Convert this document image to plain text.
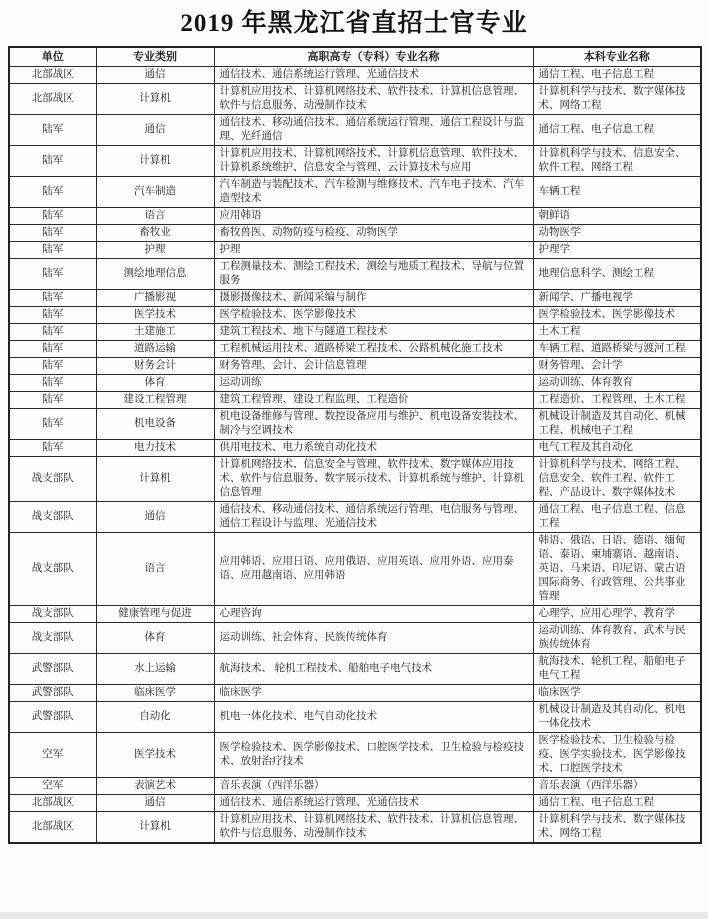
2019 年黑龙江省直招士官专业
单位	专业类别	高职高专（专科）专业名称	本科专业名称
北部战区	通信	通信技术、通信系统运行管理、光通信技术	通信工程、电子信息工程
北部战区	计算机	计算机应用技术、计算机网络技术、软件技术、计算机信息管理、软件与信息服务、动漫制作技术	计算机科学与技术、数字媒体技术、网络工程
陆军	通信	通信技术、移动通信技术、通信系统运行管理、通信工程设计与监理、光纤通信	通信工程、电子信息工程
陆军	计算机	计算机应用技术、计算机网络技术、计算机信息管理、软件技术、计算机系统维护、信息安全与管理、云计算技术与应用	计算机科学与技术、信息安全、软件工程、网络工程
陆军	汽车制造	汽车制造与装配技术、汽车检测与维修技术、汽车电子技术、汽车造型技术	车辆工程
陆军	语言	应用韩语	朝鲜语
陆军	畜牧业	畜牧兽医、动物防疫与检疫、动物医学	动物医学
陆军	护理	护理	护理学
陆军	测绘地理信息	工程测量技术、测绘工程技术、测绘与地质工程技术、导航与位置服务	地理信息科学、测绘工程
陆军	广播影视	摄影摄像技术、新闻采编与制作	新闻学、广播电视学
陆军	医学技术	医学检验技术、医学影像技术	医学检验技术、医学影像技术
陆军	土建施工	建筑工程技术、地下与隧道工程技术	土木工程
陆军	道路运输	工程机械运用技术、道路桥梁工程技术、公路机械化施工技术	车辆工程、道路桥梁与渡河工程
陆军	财务会计	财务管理、会计、会计信息管理	财务管理、会计学
陆军	体育	运动训练	运动训练、体育教育
陆军	建设工程管理	建筑工程管理、建设工程监理、工程造价	工程造价、工程管理、土木工程
陆军	机电设备	机电设备维修与管理、数控设备应用与维护、机电设备安装技术、制冷与空调技术	机械设计制造及其自动化、机械工程、机械电子工程
陆军	电力技术	供用电技术、电力系统自动化技术	电气工程及其自动化
战支部队	计算机	计算机网络技术、信息安全与管理、软件技术、数字媒体应用技术、软件与信息服务、数字展示技术、计算机系统与维护、计算机信息管理	计算机科学与技术、网络工程、信息安全、软件工程、软件工程、产品设计、数字媒体技术
战支部队	通信	通信技术、移动通信技术、通信系统运行管理、电信服务与管理、通信工程设计与监理、光通信技术	通信工程、电子信息工程、信息工程
战支部队	语言	应用韩语、应用日语、应用俄语、应用英语、应用外语、应用泰语、应用越南语、应用韩语	韩语、俄语、日语、德语、缅甸语、泰语、柬埔寨语、越南语、英语、马来语、印尼语、蒙古语国际商务、行政管理、公共事业管理
战支部队	健康管理与促进	心理咨询	心理学、应用心理学、教育学
战支部队	体育	运动训练、社会体育、民族传统体育	运动训练、体育教育、武术与民族传统体育
武警部队	水上运输	航海技术、 轮机工程技术、船舶电子电气技术	航海技术、轮机工程、船舶电子电气工程
武警部队	临床医学	临床医学	临床医学
武警部队	自动化	机电一体化技术、电气自动化技术	机械设计制造及其自动化、机电一体化技术
空军	医学技术	医学检验技术、医学影像技术、口腔医学技术、卫生检验与检疫技术、放射治疗技术	医学检验技术、卫生检验与检疫、医学实验技术、医学影像技术、口腔医学技术
空军	表演艺术	音乐表演（西洋乐器）	音乐表演（西洋乐器）
北部战区	通信	通信技术、通信系统运行管理、光通信技术	通信工程、电子信息工程
北部战区	计算机	计算机应用技术、计算机网络技术、软件技术、计算机信息管理、软件与信息服务、动漫制作技术	计算机科学与技术、数字媒体技术、网络工程
